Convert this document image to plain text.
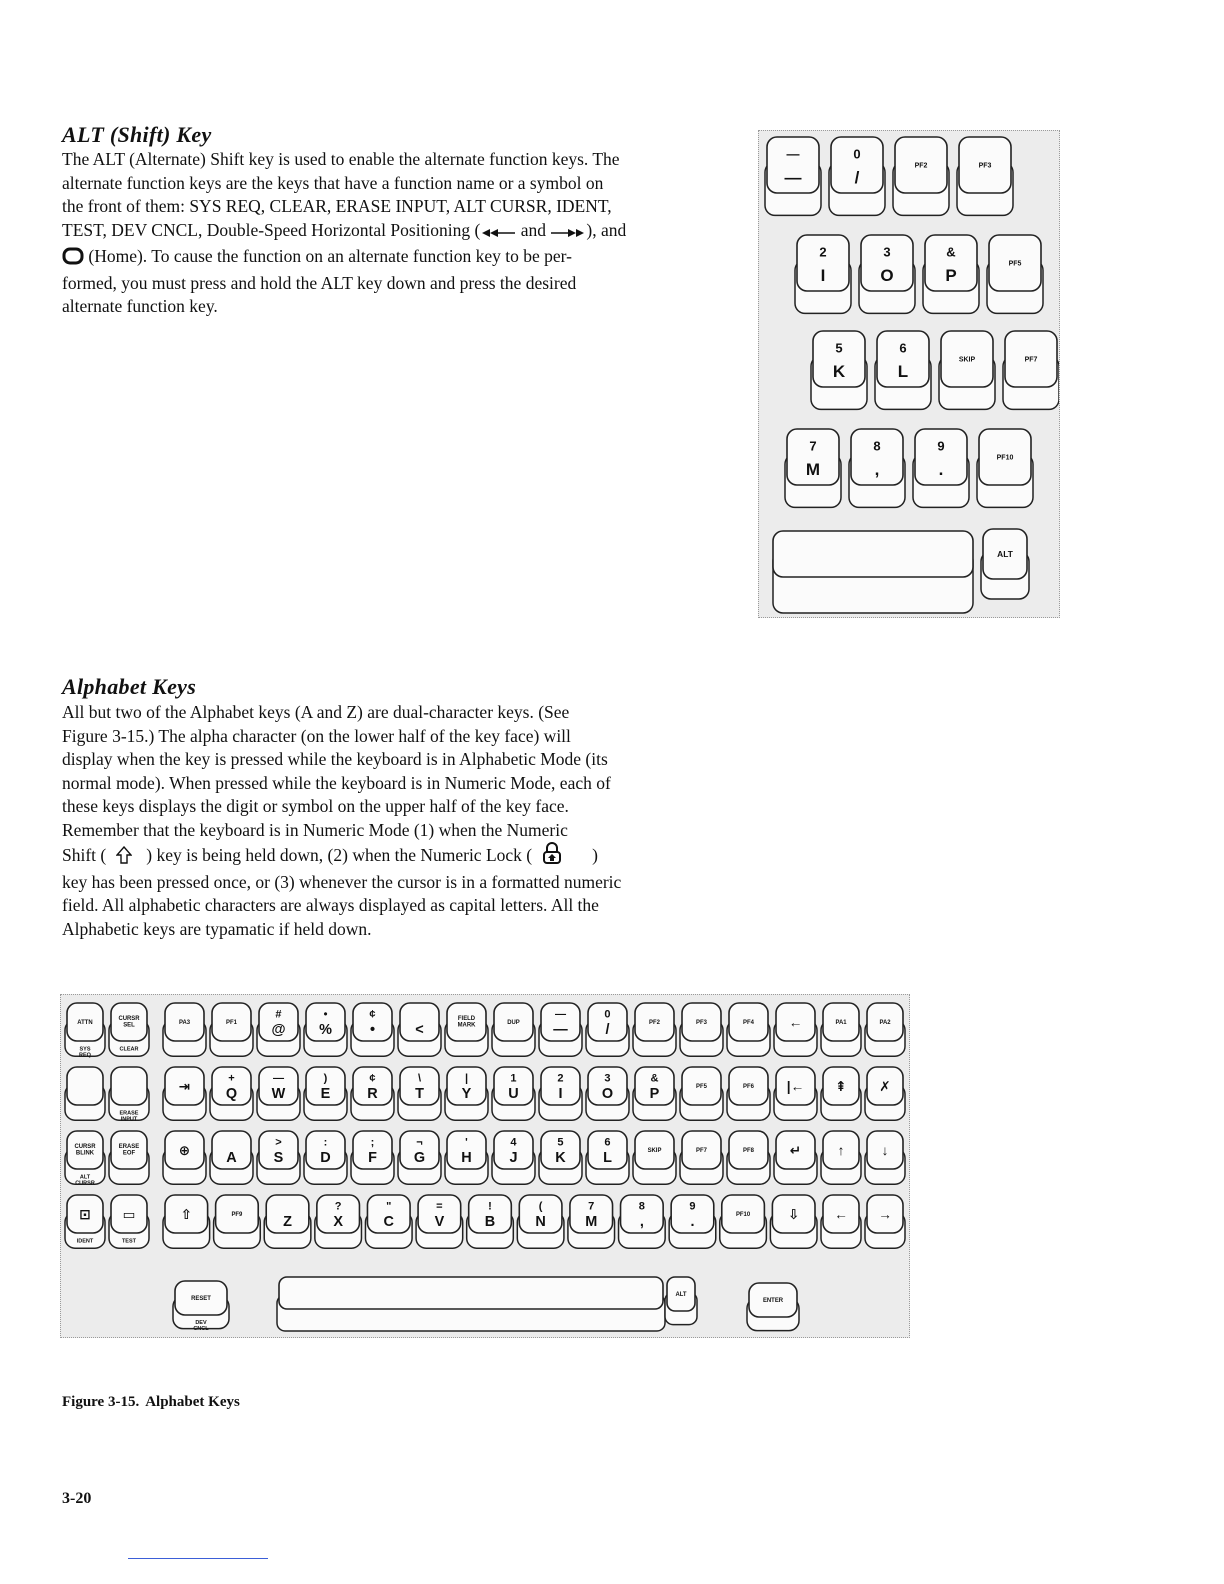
ALT (Shift) Key
The ALT (Alternate) Shift key is used to enable the alternate function keys. The
alternate function keys are the keys that have a function name or a symbol on
the front of them: SYS REQ, CLEAR, ERASE INPUT, ALT CURSR, IDENT,
TEST, DEV CNCL, Double-Speed Horizontal Positioning ( and ), and
(Home). To cause the function on an alternate function key to be per-
formed, you must press and hold the ALT key down and press the desired
alternate function key.
—
—
0
/
PF2	PF3
2
I
3
O
&
P
PF5
5
K
6
L
SKIP	PF7
7
M
8
,
9
.
PF10
ALT
Alphabet Keys
All but two of the Alphabet keys (A and Z) are dual-character keys. (See
Figure 3-15.) The alpha character (on the lower half of the key face) will
display when the key is pressed while the keyboard is in Alphabetic Mode (its
normal mode). When pressed while the keyboard is in Numeric Mode, each of
these keys displays the digit or symbol on the upper half of the key face.
Remember that the keyboard is in Numeric Mode (1) when the Numeric
Shift ( ) key is being held down, (2) when the Numeric Lock (	)
key has been pressed once, or (3) whenever the cursor is in a formatted numeric
field. All alphabetic characters are always displayed as capital letters. All the
Alphabetic keys are typamatic if held down.
ATTN
SYS
REQ
CURSR
SEL
CLEAR
PA3	PF1
#
@
•
%
¢
•	<
FIELD
MARK	DUP
—
—
0
/	PF2	PF3	PF4	←	PA1	PA2
ERASE
INPUT
⇥
+
Q
—
W
)
E
¢
R
\
T
|
Y
1
U
2
I
3
O
&
P	PF5	PF6 |← ⇞ ✗
CURSR
BLINK
ALT
CURSR
ERASE
EOF	⊕ A
>
S
:
D
;
F
¬
G
'
H
4
J
5
K
6
L	SKIP	PF7	PF8	↵	↑	↓
⊡
IDENT
▭
TEST
⇧	PF9	Z
?
X
"
C
=
V
!
B
(
N
7
M
8
,
9
.	PF10	⇩	← →
RESET
DEV
CNCL
ALT
ENTER
Figure 3-15. Alphabet Keys
3-20
